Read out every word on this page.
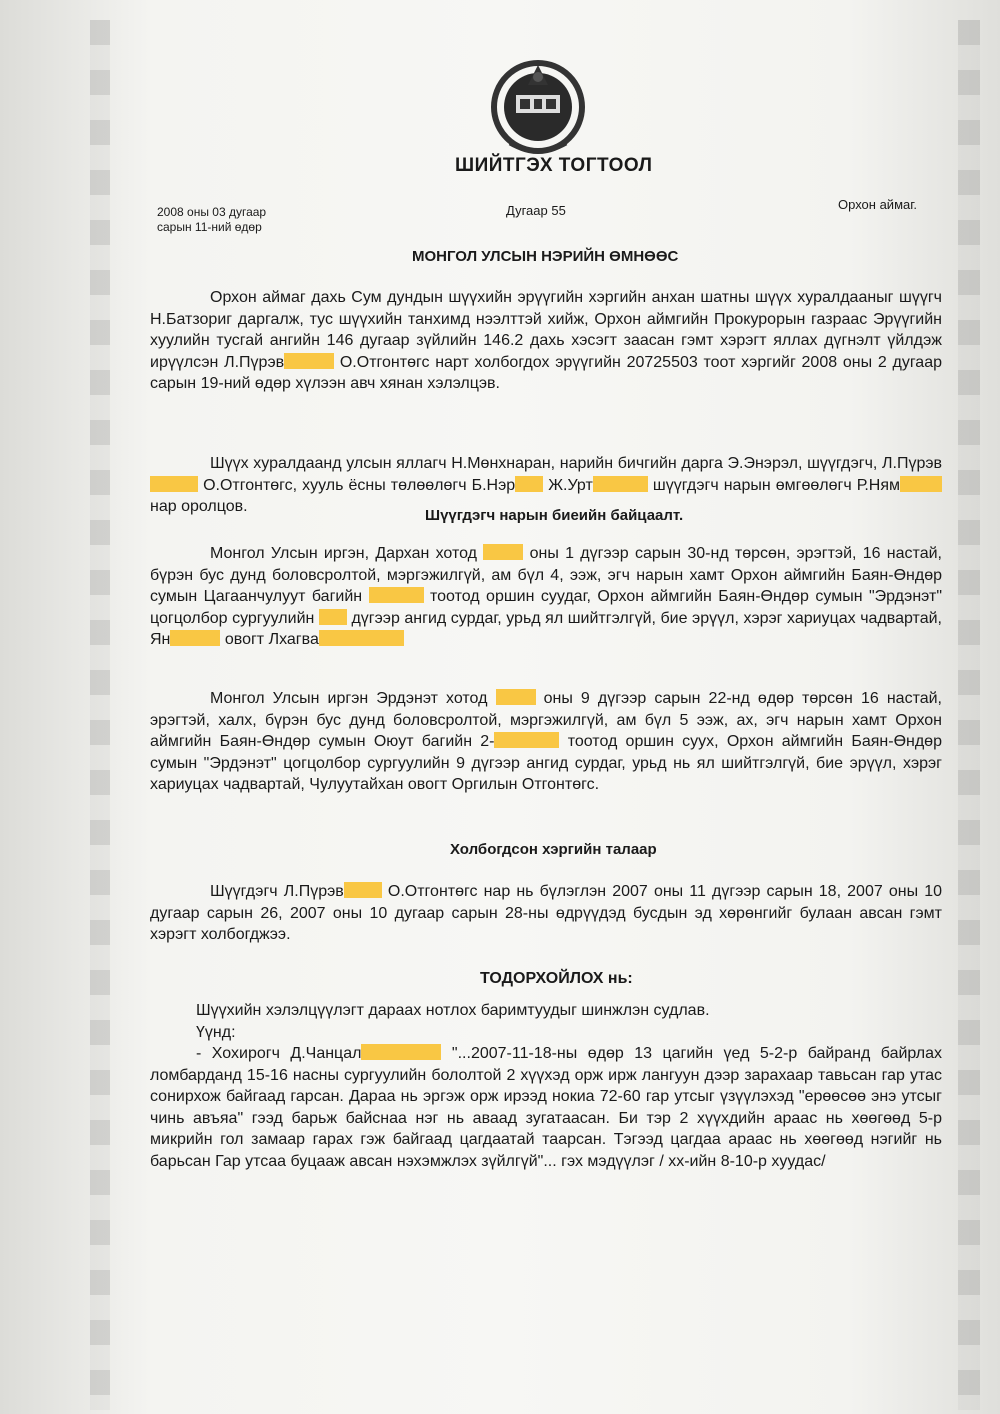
ШИЙТГЭХ ТОГТООЛ
2008 оны 03 дугаар
сарын 11-ний өдөр
Дугаар 55	Орхон аймаг.
МОНГОЛ УЛСЫН НЭРИЙН ӨМНӨӨС

Орхон аймаг дахь Сум дундын шүүхийн эрүүгийн хэргийн анхан шатны шүүх хуралдааныг шүүгч Н.Батзориг даргалж, тус шүүхийн танхимд нээлттэй хийж, Орхон аймгийн Прокурорын газраас Эрүүгийн хуулийн тусгай ангийн 146 дугаар зүйлийн 146.2 дахь хэсэгт заасан гэмт хэрэгт яллах дүгнэлт үйлдэж ирүүлсэн Л.Пүрэв	О.Отгонтөгс нарт холбогдох эрүүгийн 20725503 тоот хэргийг 2008 оны 2 дугаар сарын 19-ний өдөр хүлээн авч хянан хэлэлцэв.

Шүүх хуралдаанд улсын яллагч Н.Мөнхнаран, нарийн бичгийн дарга Э.Энэрэл, шүүгдэгч, Л.Пүрэв О.Отгонтөгс, хууль ёсны төлөөлөгч Б.Нэр Ж.Урт	шүүгдэгч нарын өмгөөлөгч Р.Ням нар оролцов.

Шүүгдэгч нарын биеийн байцаалт.

Монгол Улсын иргэн, Дархан хотод	оны 1 дүгээр сарын 30-нд төрсөн, эрэгтэй, 16 настай, бүрэн бус дунд боловсролтой, мэргэжилгүй, ам бүл 4, ээж, эгч нарын хамт Орхон аймгийн Баян-Өндөр сумын Цагаанчулуут багийн	тоотод оршин суудаг, Орхон аймгийн Баян-Өндөр сумын "Эрдэнэт" цогцолбор сургуулийн дүгээр ангид сурдаг, урьд ял шийтгэлгүй, бие эрүүл, хэрэг хариуцах чадвартай, Ян	овогт Лхагва

Монгол Улсын иргэн Эрдэнэт хотод	оны 9 дүгээр сарын 22-нд өдөр төрсөн 16 настай, эрэгтэй, халх, бүрэн бус дунд боловсролтой, мэргэжилгүй, ам бүл 5 ээж, ах, эгч нарын хамт Орхон аймгийн Баян-Өндөр сумын Оюут багийн 2-	тоотод оршин суух, Орхон аймгийн Баян-Өндөр сумын "Эрдэнэт" цогцолбор сургуулийн 9 дүгээр ангид сурдаг, урьд нь ял шийтгэлгүй, бие эрүүл, хэрэг хариуцах чадвартай, Чулуутайхан овогт Оргилын Отгонтөгс.

Холбогдсон хэргийн талаар

Шүүгдэгч Л.Пүрэв	О.Отгонтөгс нар нь бүлэглэн 2007 оны 11 дүгээр сарын 18, 2007 оны 10 дугаар сарын 26, 2007 оны 10 дугаар сарын 28-ны өдрүүдэд бусдын эд хөрөнгийг булаан авсан гэмт хэрэгт холбогджээ.

ТОДОРХОЙЛОХ нь:

Шүүхийн хэлэлцүүлэгт дараах нотлох баримтуудыг шинжлэн судлав.

Үүнд:

- Хохирогч Д.Чанцал	"...2007-11-18-ны өдөр 13 цагийн үед 5-2-р байранд байрлах ломбарданд 15-16 насны сургуулийн бололтой 2 хүүхэд орж ирж лангуун дээр зарахаар тавьсан гар утас сонирхож байгаад гарсан. Дараа нь эргэж орж ирээд нокиа 72-60 гар утсыг үзүүлэхэд "ерөөсөө энэ утсыг чинь авъяа" гээд барьж байснаа нэг нь аваад зугатаасан. Би тэр 2 хүүхдийн араас нь хөөгөөд 5-р микрийн гол замаар гарах гэж байгаад цагдаатай таарсан. Тэгээд цагдаа араас нь хөөгөөд нэгийг нь барьсан Гар утсаа буцааж авсан нэхэмжлэх зүйлгүй"... гэх мэдүүлэг / хх-ийн 8-10-р хуудас/
